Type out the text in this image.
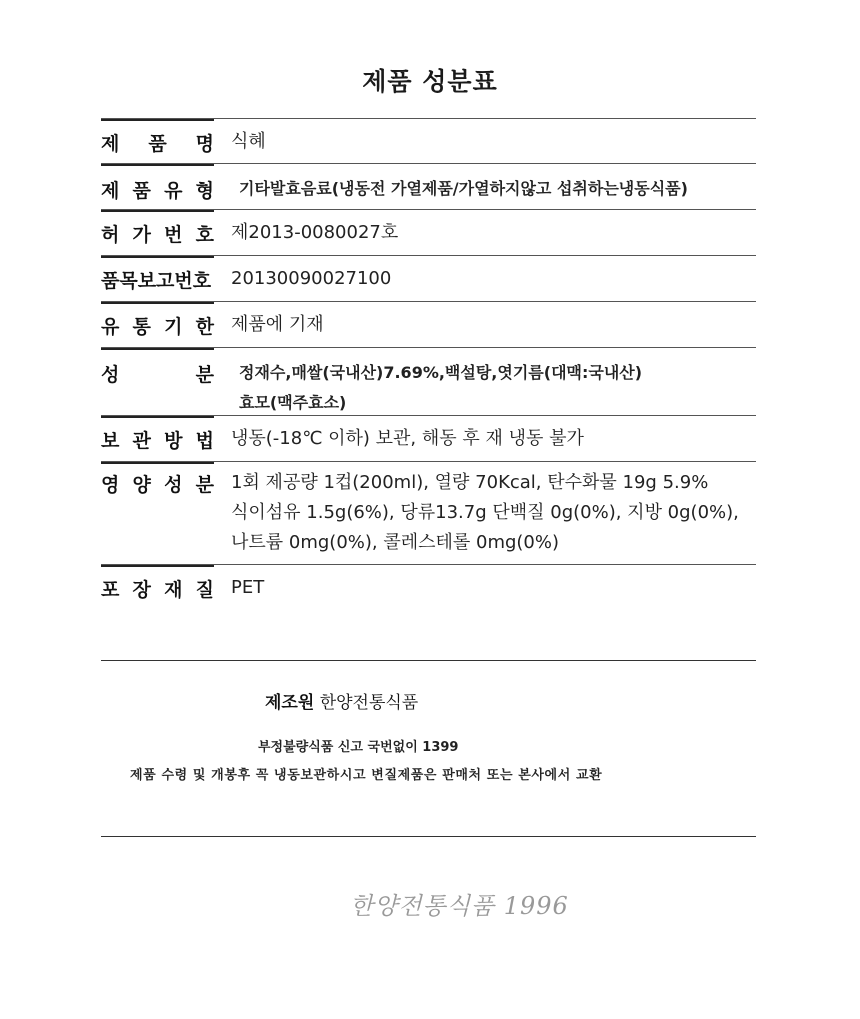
제품 성분표
제 품 명 식혜
제 품 유 형 기타발효음료(냉동전 가열제품/가열하지않고 섭취하는냉동식품)
허 가 번 호 제2013-0080027호
품목보고번호 20130090027100
유 통 기 한 제품에 기재
성	분 정재수,매쌀(국내산)7.69%,백설탕,엿기름(대맥:국내산)
효모(맥주효소)
보 관 방 법 냉동(-18℃ 이하) 보관, 해동 후 재 냉동 불가
영 양 성 분 1회 제공량 1컵(200ml), 열량 70Kcal, 탄수화물 19g 5.9%
식이섬유 1.5g(6%), 당류13.7g 단백질 0g(0%), 지방 0g(0%),
나트륨 0mg(0%), 콜레스테롤 0mg(0%)
포 장 재 질 PET
제조원 한양전통식품
부정불량식품 신고 국번없이 1399
제품 수령 및 개봉후 꼭 냉동보관하시고 변질제품은 판매처 또는 본사에서 교환
한양전통식품 1996
